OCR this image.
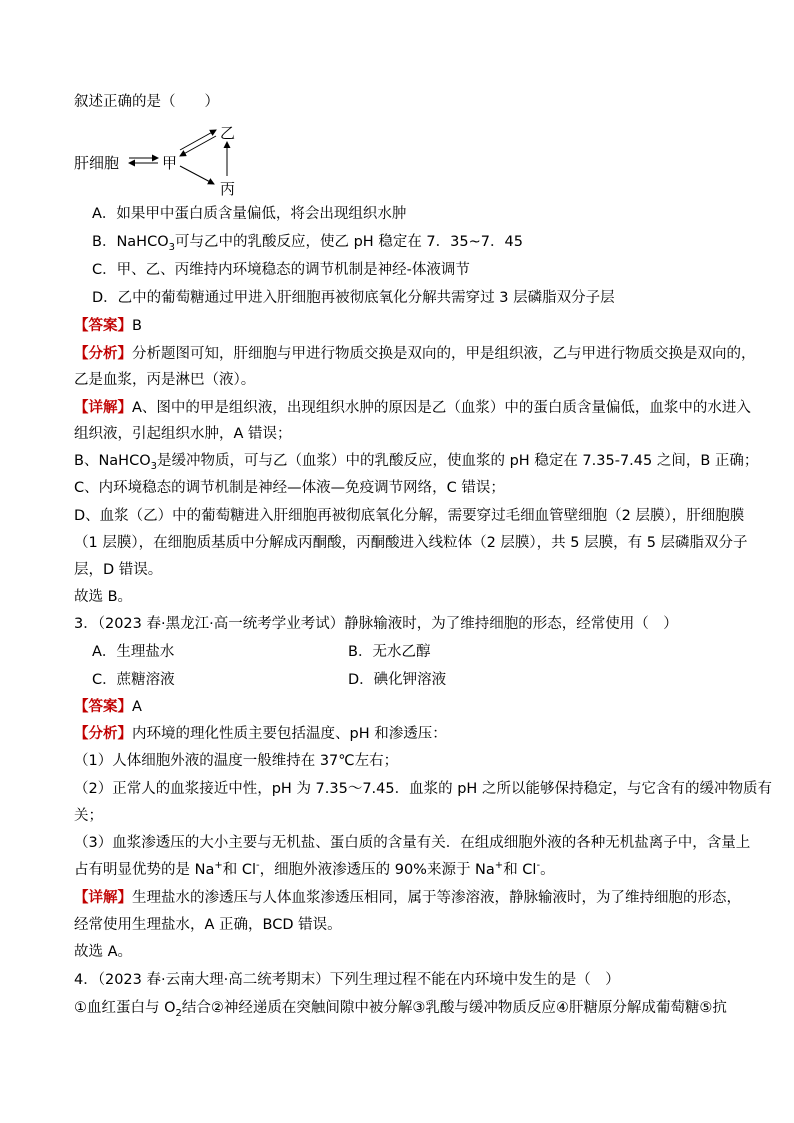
叙述正确的是（　　）
肝细胞	甲
乙
丙
A．如果甲中蛋白质含量偏低，将会出现组织水肿
B．NaHCO$_3$可与乙中的乳酸反应，使乙 pH 稳定在 7．35~7．45
C．甲、乙、丙维持内环境稳态的调节机制是神经-体液调节
D．乙中的葡萄糖通过甲进入肝细胞再被彻底氧化分解共需穿过 3 层磷脂双分子层
【答案】B
【分析】分析题图可知，肝细胞与甲进行物质交换是双向的，甲是组织液，乙与甲进行物质交换是双向的，
乙是血浆，丙是淋巴（液）。
【详解】A、图中的甲是组织液，出现组织水肿的原因是乙（血浆）中的蛋白质含量偏低，血浆中的水进入
组织液，引起组织水肿，A 错误；
B、NaHCO$_3$是缓冲物质，可与乙（血浆）中的乳酸反应，使血浆的 pH 稳定在 7.35-7.45 之间，B 正确；
C、内环境稳态的调节机制是神经—体液—免疫调节网络，C 错误；
D、血浆（乙）中的葡萄糖进入肝细胞再被彻底氧化分解，需要穿过毛细血管壁细胞（2 层膜），肝细胞膜
（1 层膜），在细胞质基质中分解成丙酮酸，丙酮酸进入线粒体（2 层膜），共 5 层膜，有 5 层磷脂双分子
层，D 错误。
故选 B。
3．（2023 春·黑龙江·高一统考学业考试）静脉输液时，为了维持细胞的形态，经常使用（　）
A．生理盐水	B．无水乙醇
C．蔗糖溶液	D．碘化钾溶液
【答案】A
【分析】内环境的理化性质主要包括温度、pH 和渗透压：
（1）人体细胞外液的温度一般维持在 37℃左右；
（2）正常人的血浆接近中性，pH 为 7.35～7.45．血浆的 pH 之所以能够保持稳定，与它含有的缓冲物质有
关；
（3）血浆渗透压的大小主要与无机盐、蛋白质的含量有关．在组成细胞外液的各种无机盐离子中，含量上
占有明显优势的是 Na+和 Cl-，细胞外液渗透压的 90%来源于 Na+和 Cl-。
【详解】生理盐水的渗透压与人体血浆渗透压相同，属于等渗溶液，静脉输液时，为了维持细胞的形态，
经常使用生理盐水，A 正确，BCD 错误。
故选 A。
4．（2023 春·云南大理·高二统考期末）下列生理过程不能在内环境中发生的是（　）
①血红蛋白与 $O_2$结合②神经递质在突触间隙中被分解③乳酸与缓冲物质反应④肝糖原分解成葡萄糖⑤抗
